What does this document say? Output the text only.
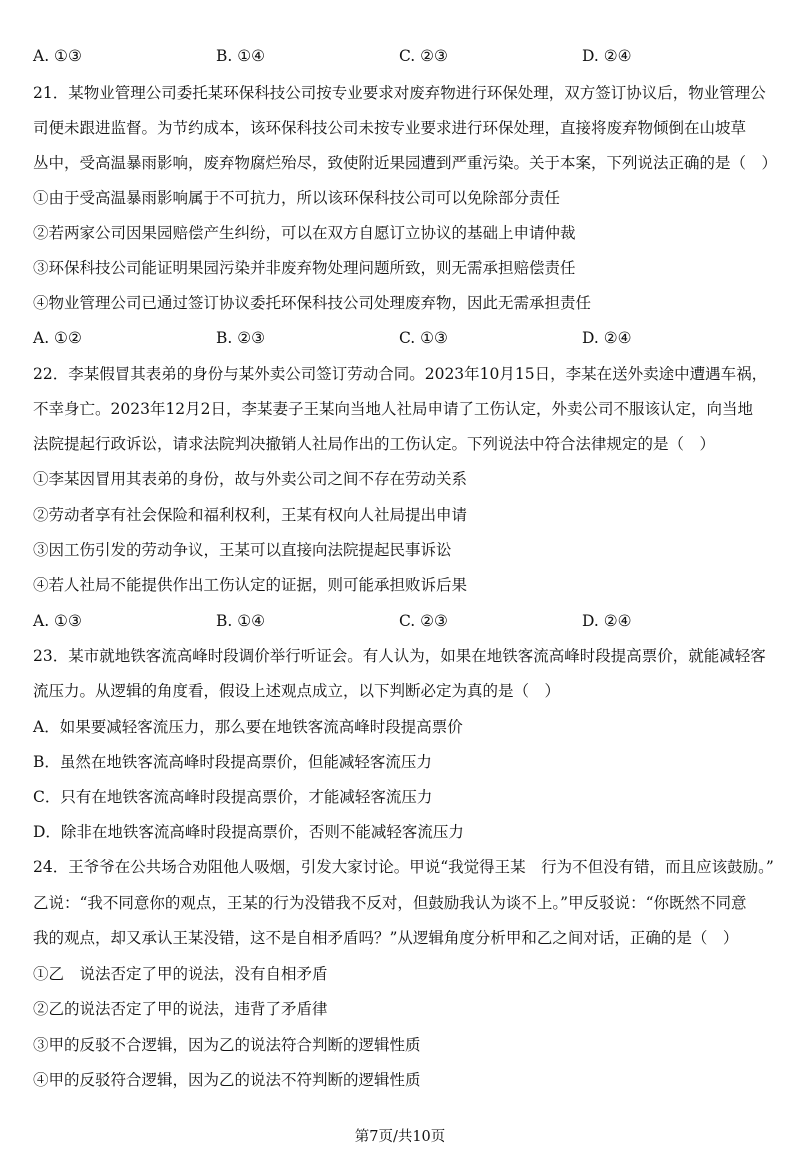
A. ①③	B. ①④	C. ②③	D. ②④
21．某物业管理公司委托某环保科技公司按专业要求对废弃物进行环保处理，双方签订协议后，物业管理公
司便未跟进监督。为节约成本，该环保科技公司未按专业要求进行环保处理，直接将废弃物倾倒在山坡草
丛中，受高温暴雨影响，废弃物腐烂殆尽，致使附近果园遭到严重污染。关于本案，下列说法正确的是（　）
①由于受高温暴雨影响属于不可抗力，所以该环保科技公司可以免除部分责任
②若两家公司因果园赔偿产生纠纷，可以在双方自愿订立协议的基础上申请仲裁
③环保科技公司能证明果园污染并非废弃物处理问题所致，则无需承担赔偿责任
④物业管理公司已通过签订协议委托环保科技公司处理废弃物，因此无需承担责任
A. ①②	B. ②③	C. ①③	D. ②④
22．李某假冒其表弟的身份与某外卖公司签订劳动合同。2023年10月15日，李某在送外卖途中遭遇车祸，
不幸身亡。2023年12月2日，李某妻子王某向当地人社局申请了工伤认定，外卖公司不服该认定，向当地
法院提起行政诉讼，请求法院判决撤销人社局作出的工伤认定。下列说法中符合法律规定的是（　）
①李某因冒用其表弟的身份，故与外卖公司之间不存在劳动关系
②劳动者享有社会保险和福利权利，王某有权向人社局提出申请
③因工伤引发的劳动争议，王某可以直接向法院提起民事诉讼
④若人社局不能提供作出工伤认定的证据，则可能承担败诉后果
A. ①③	B. ①④	C. ②③	D. ②④
23．某市就地铁客流高峰时段调价举行听证会。有人认为，如果在地铁客流高峰时段提高票价，就能减轻客
流压力。从逻辑的角度看，假设上述观点成立，以下判断必定为真的是（　）
A．如果要减轻客流压力，那么要在地铁客流高峰时段提高票价
B．虽然在地铁客流高峰时段提高票价，但能减轻客流压力
C．只有在地铁客流高峰时段提高票价，才能减轻客流压力
D．除非在地铁客流高峰时段提高票价，否则不能减轻客流压力
24．王爷爷在公共场合劝阻他人吸烟，引发大家讨论。甲说“我觉得王某　行为不但没有错，而且应该鼓励。”
乙说：“我不同意你的观点，王某的行为没错我不反对，但鼓励我认为谈不上。”甲反驳说：“你既然不同意
我的观点，却又承认王某没错，这不是自相矛盾吗？”从逻辑角度分析甲和乙之间对话，正确的是（　）
①乙　说法否定了甲的说法，没有自相矛盾
②乙的说法否定了甲的说法，违背了矛盾律
③甲的反驳不合逻辑，因为乙的说法符合判断的逻辑性质
④甲的反驳符合逻辑，因为乙的说法不符判断的逻辑性质
第7页/共10页
